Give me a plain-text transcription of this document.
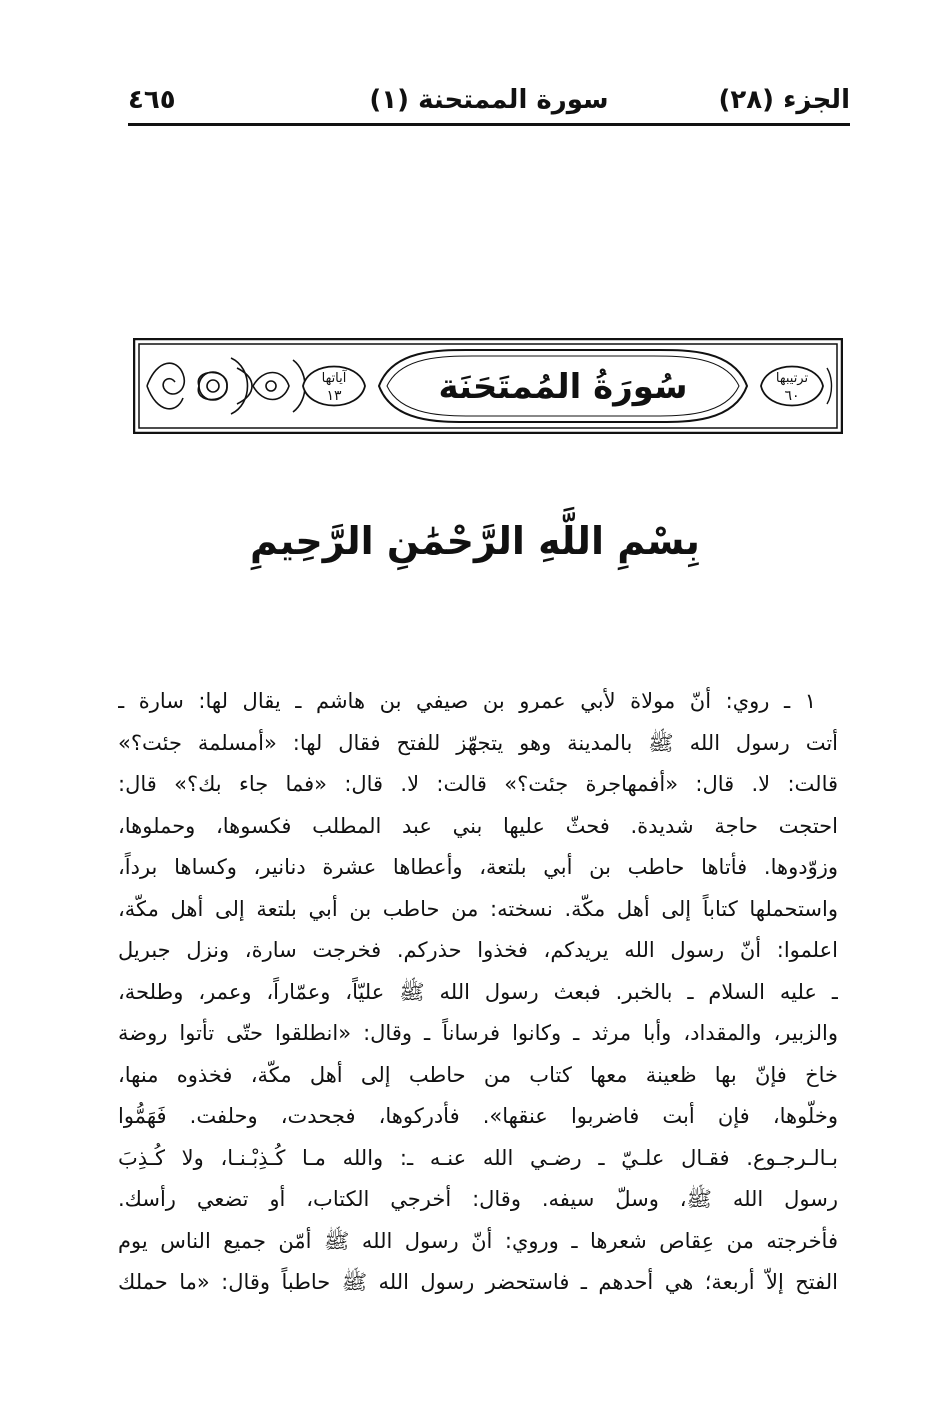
الجزء (٢٨)
سورة الممتحنة (١)
٤٦٥
آياتها
١٣	سُورَةُ المُمتَحَنَة	ترتيبها
٦٠
بِسْمِ اللَّهِ الرَّحْمَٰنِ الرَّحِيمِ
١ ـ روي: أنّ مولاة لأبي عمرو بن صيفي بن هاشم ـ يقال لها: سارة ـ
أتت رسول الله ﷺ بالمدينة وهو يتجهّز للفتح فقال لها: «أمسلمة جئت؟»
قالت: لا. قال: «أفمهاجرة جئت؟» قالت: لا. قال: «فما جاء بك؟» قال:
احتجت حاجة شديدة. فحثّ عليها بني عبد المطلب فكسوها، وحملوها،
وزوّدوها. فأتاها حاطب بن أبي بلتعة، وأعطاها عشرة دنانير، وكساها برداً،
واستحملها كتاباً إلى أهل مكّة. نسخته: من حاطب بن أبي بلتعة إلى أهل مكّة،
اعلموا: أنّ رسول الله يريدكم، فخذوا حذركم. فخرجت سارة، ونزل جبريل
ـ عليه السلام ـ بالخبر. فبعث رسول الله ﷺ عليّاً، وعمّاراً، وعمر، وطلحة،
والزبير، والمقداد، وأبا مرثد ـ وكانوا فرساناً ـ وقال: «انطلقوا حتّى تأتوا روضة
خاخ فإنّ بها ظعينة معها كتاب من حاطب إلى أهل مكّة، فخذوه منها،
وخلّوها، فإن أبت فاضربوا عنقها». فأدركوها، فجحدت، وحلفت. فَهَمُّوا
بـالـرجـوع. فقـال علـيّ ـ رضـي الله عنـه ـ: والله مـا كُـذِبْـنـا، ولا كُـذِبَ
رسول الله ﷺ، وسلّ سيفه. وقال: أخرجي الكتاب، أو تضعي رأسك.
فأخرجته من عِقاص شعرها ـ وروي: أنّ رسول الله ﷺ أمّن جميع الناس يوم
الفتح إلاّ أربعة؛ هي أحدهم ـ فاستحضر رسول الله ﷺ حاطباً وقال: «ما حملك
